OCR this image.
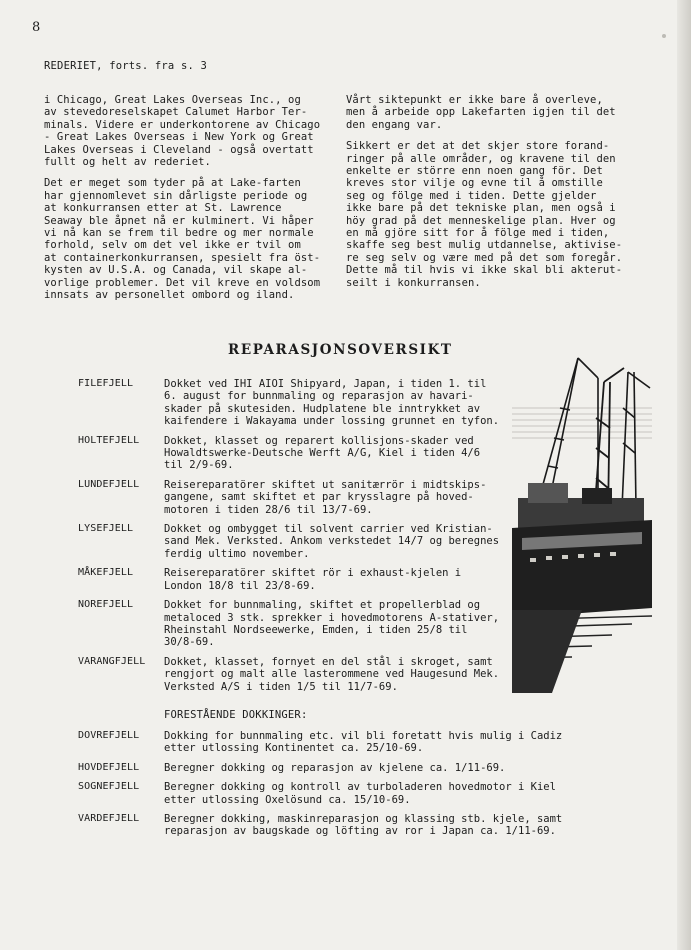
8
REDERIET, forts. fra s. 3

i Chicago, Great Lakes Overseas Inc., og
av stevedoreselskapet Calumet Harbor Ter-
minals. Videre er underkontorene av Chicago
- Great Lakes Overseas i New York og Great
Lakes Overseas i Cleveland - også overtatt
fullt og helt av rederiet.

Det er meget som tyder på at Lake-farten
har gjennomlevet sin dårligste periode og
at konkurransen etter at St. Lawrence
Seaway ble åpnet nå er kulminert. Vi håper
vi nå kan se frem til bedre og mer normale
forhold, selv om det vel ikke er tvil om
at containerkonkurransen, spesielt fra öst-
kysten av U.S.A. og Canada, vil skape al-
vorlige problemer. Det vil kreve en voldsom
innsats av personellet ombord og iland.

Vårt siktepunkt er ikke bare å overleve,
men å arbeide opp Lakefarten igjen til det
den engang var.

Sikkert er det at det skjer store forand-
ringer på alle områder, og kravene til den
enkelte er större enn noen gang för. Det
kreves stor vilje og evne til å omstille
seg og fölge med i tiden. Dette gjelder
ikke bare på det tekniske plan, men også i
höy grad på det menneskelige plan. Hver og
en må gjöre sitt for å fölge med i tiden,
skaffe seg best mulig utdannelse, aktivise-
re seg selv og være med på det som foregår.
Dette må til hvis vi ikke skal bli akterut-
seilt i konkurransen.

REPARASJONSOVERSIKT
FILEFJELL	Dokket ved IHI AIOI Shipyard, Japan, i tiden 1. til
6. august for bunnmaling og reparasjon av havari-
skader på skutesiden. Hudplatene ble inntrykket av
kaifendere i Wakayama under lossing grunnet en tyfon.

HOLTEFJELL	Dokket, klasset og reparert kollisjons-skader ved
Howaldtswerke-Deutsche Werft A/G, Kiel i tiden 4/6
til 2/9-69.

LUNDEFJELL	Reisereparatörer skiftet ut sanitærrör i midtskips-
gangene, samt skiftet et par krysslagre på hoved-
motoren i tiden 28/6 til 13/7-69.

LYSEFJELL	Dokket og ombygget til solvent carrier ved Kristian-
sand Mek. Verksted. Ankom verkstedet 14/7 og beregnes
ferdig ultimo november.

MÅKEFJELL	Reisereparatörer skiftet rör i exhaust-kjelen i
London 18/8 til 23/8-69.

NOREFJELL	Dokket for bunnmaling, skiftet et propellerblad og
metaloced 3 stk. sprekker i hovedmotorens A-stativer,
Rheinstahl Nordseewerke, Emden, i tiden 25/8 til
30/8-69.

VARANGFJELL	Dokket, klasset, fornyet en del stål i skroget, samt
rengjort og malt alle lasterommene ved Haugesund Mek.
Verksted A/S i tiden 1/5 til 11/7-69.

FORESTÅENDE DOKKINGER:
DOVREFJELL	Dokking for bunnmaling etc. vil bli foretatt hvis mulig i Cadiz
etter utlossing Kontinentet ca. 25/10-69.

HOVDEFJELL	Beregner dokking og reparasjon av kjelene ca. 1/11-69.

SOGNEFJELL	Beregner dokking og kontroll av turboladeren hovedmotor i Kiel
etter utlossing Oxelösund ca. 15/10-69.

VARDEFJELL	Beregner dokking, maskinreparasjon og klassing stb. kjele, samt
reparasjon av baugskade og löfting av ror i Japan ca. 1/11-69.
